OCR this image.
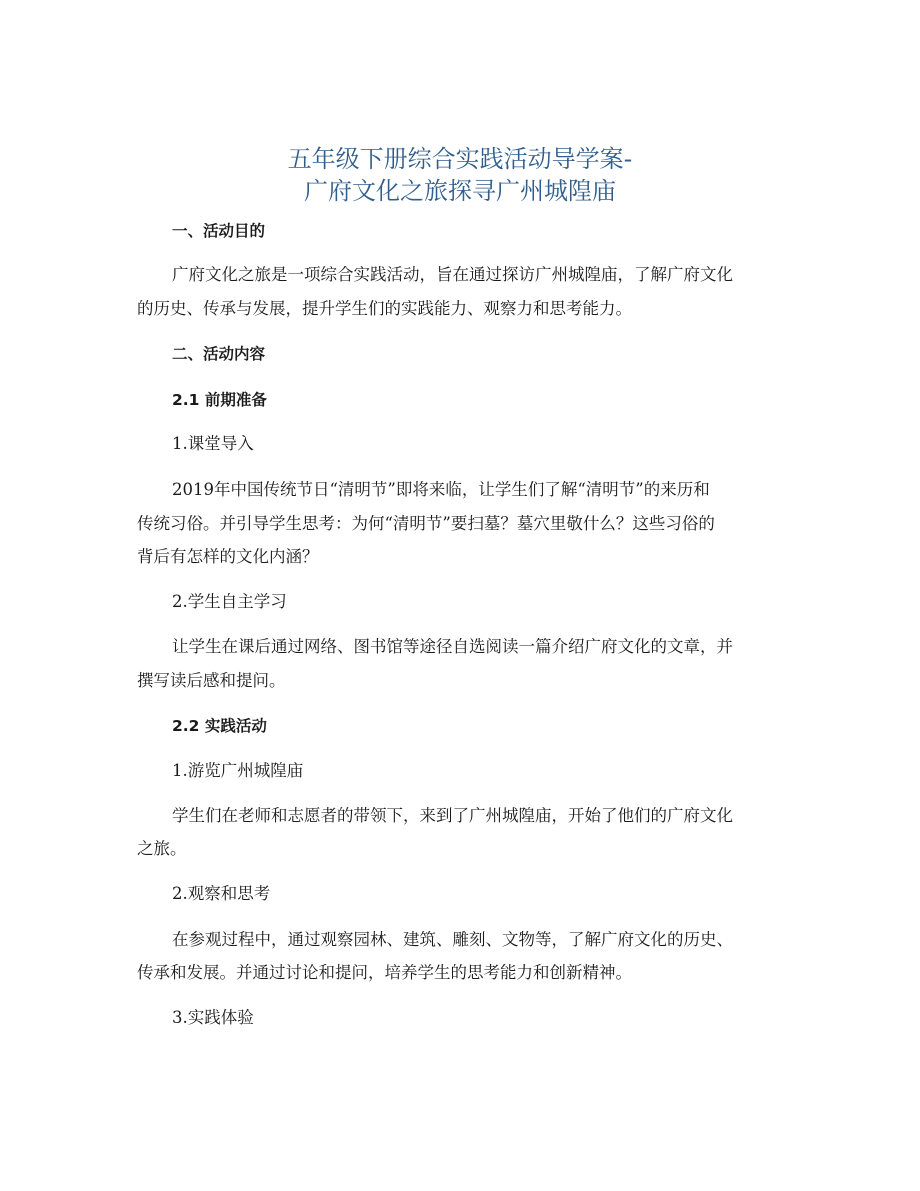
五年级下册综合实践活动导学案-
广府文化之旅探寻广州城隍庙
一、活动目的
广府文化之旅是一项综合实践活动，旨在通过探访广州城隍庙，了解广府文化
的历史、传承与发展，提升学生们的实践能力、观察力和思考能力。
二、活动内容
2.1 前期准备
1.课堂导入
2019年中国传统节日“清明节”即将来临，让学生们了解“清明节”的来历和
传统习俗。并引导学生思考：为何“清明节”要扫墓？墓穴里敬什么？这些习俗的
背后有怎样的文化内涵？
2.学生自主学习
让学生在课后通过网络、图书馆等途径自选阅读一篇介绍广府文化的文章，并
撰写读后感和提问。
2.2 实践活动
1.游览广州城隍庙
学生们在老师和志愿者的带领下，来到了广州城隍庙，开始了他们的广府文化
之旅。
2.观察和思考
在参观过程中，通过观察园林、建筑、雕刻、文物等，了解广府文化的历史、
传承和发展。并通过讨论和提问，培养学生的思考能力和创新精神。
3.实践体验
